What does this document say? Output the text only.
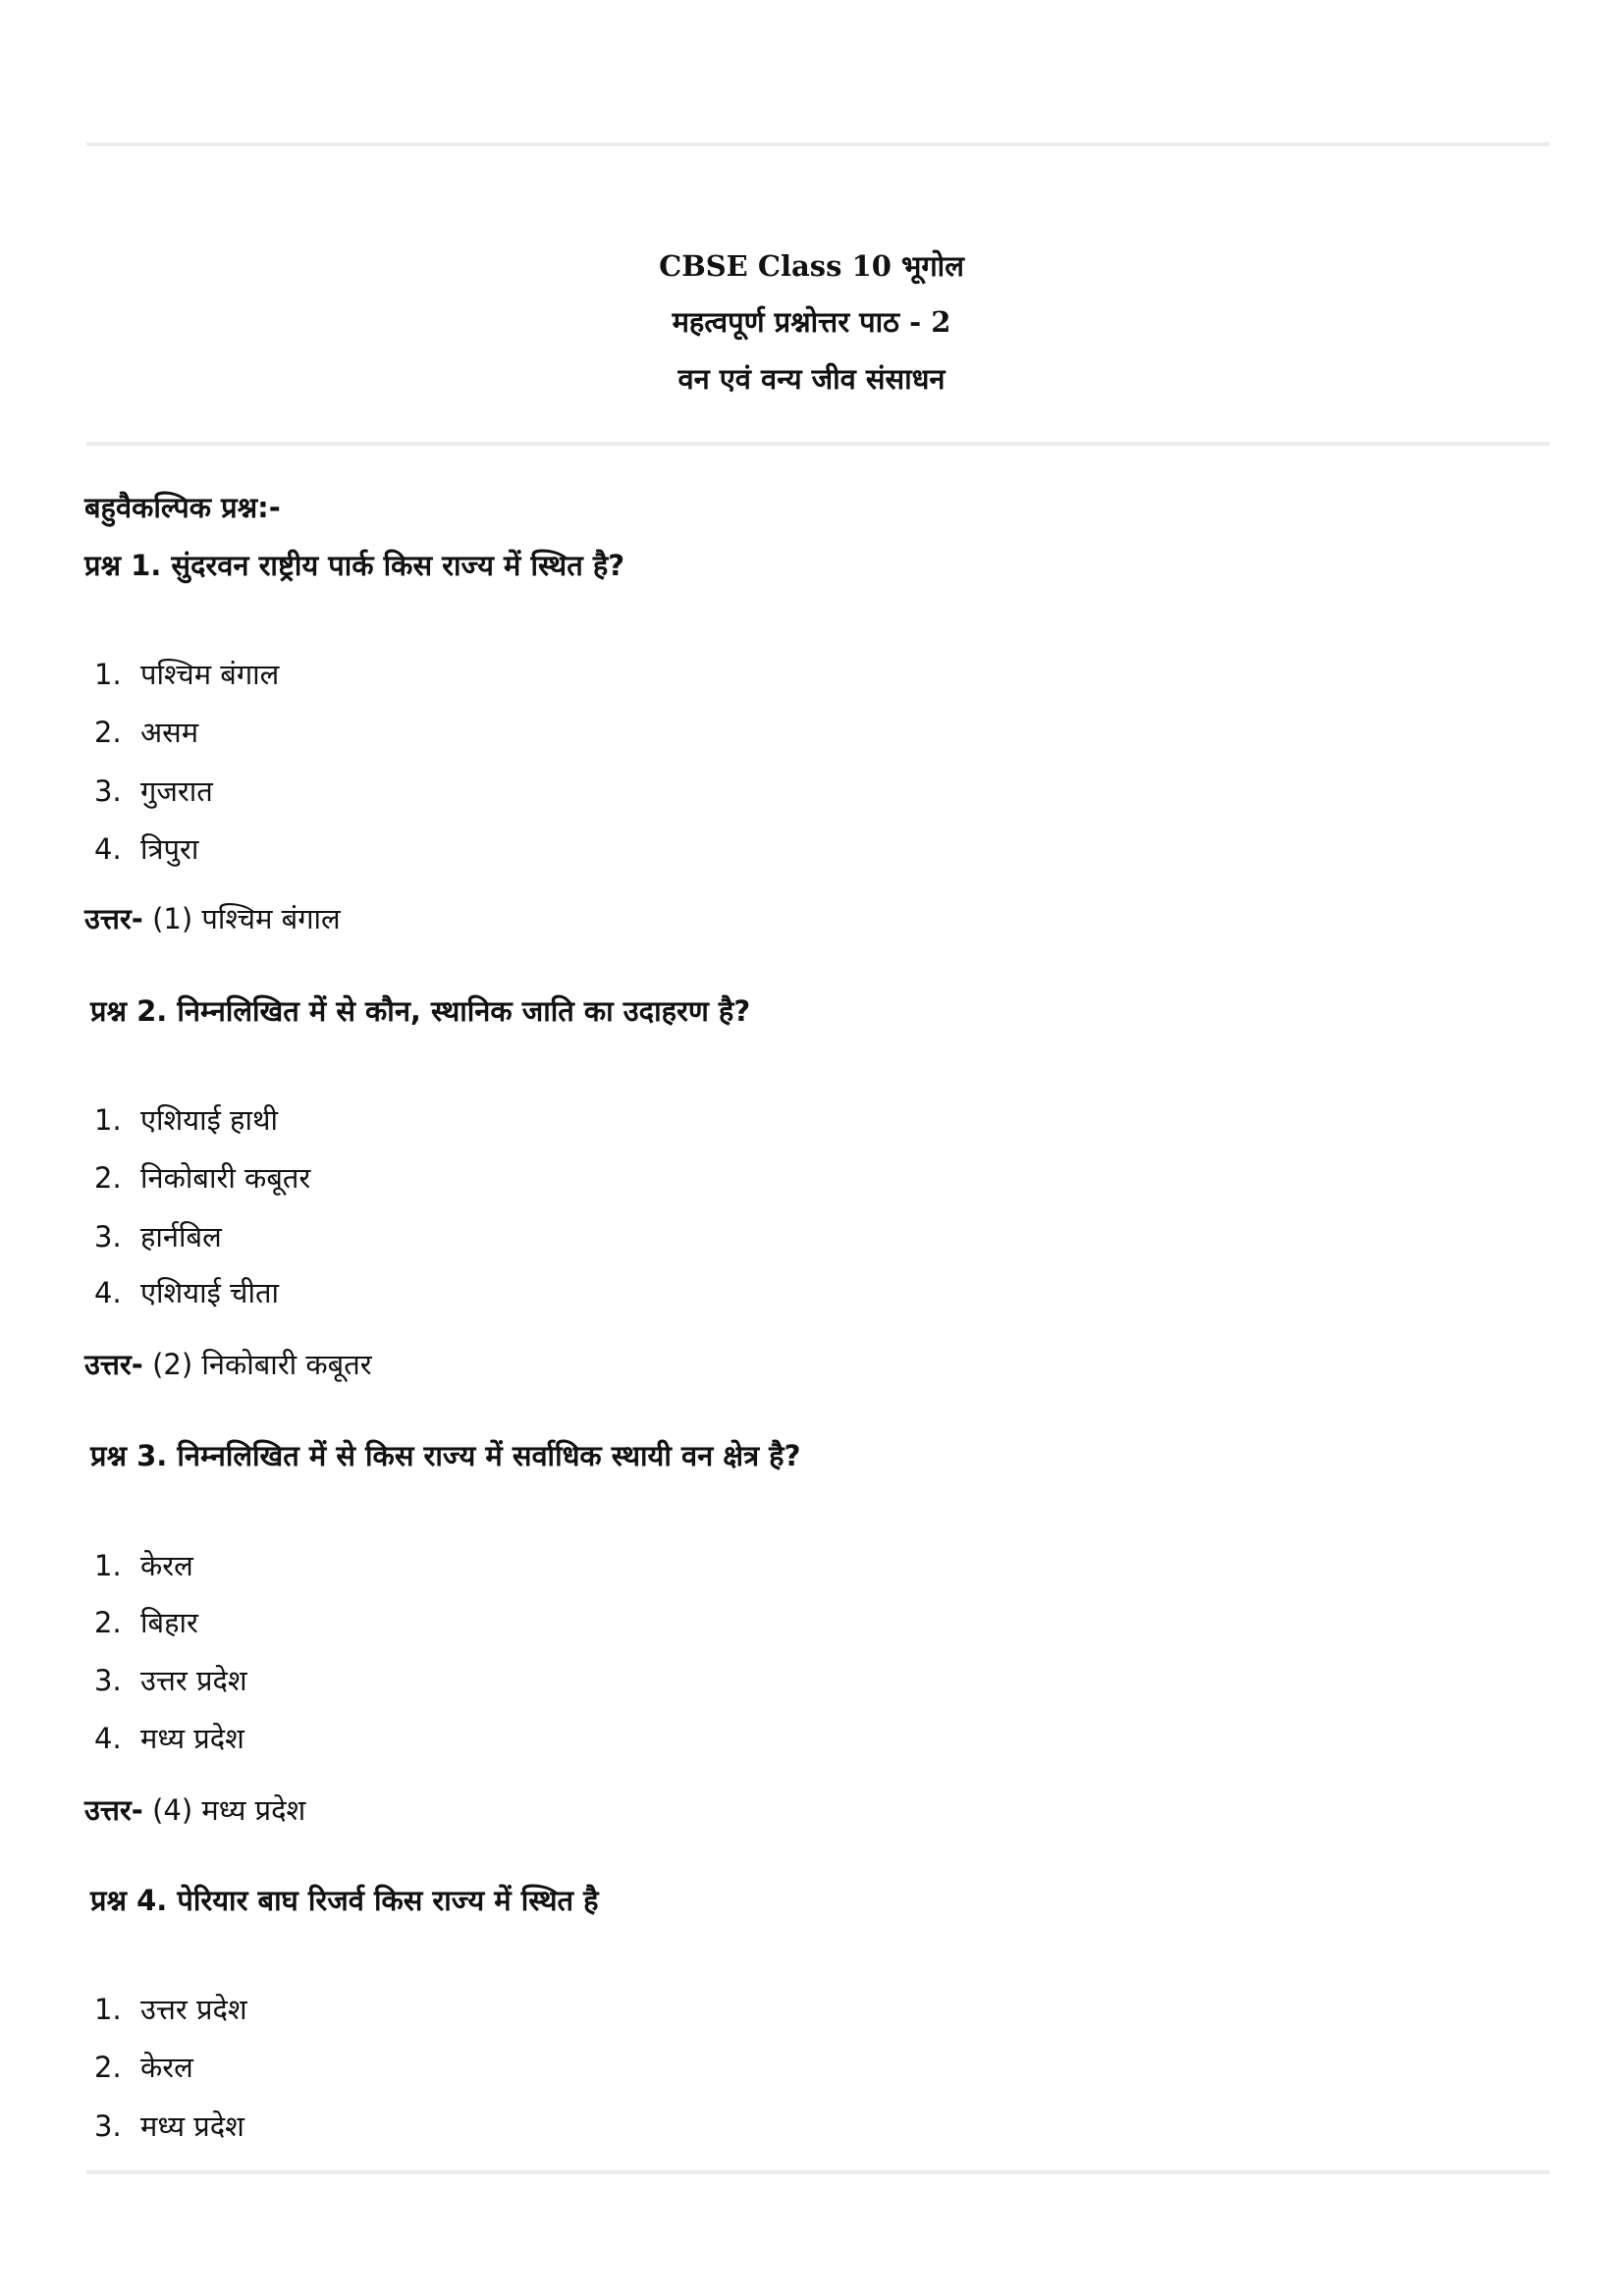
CBSE Class 10 भूगोल
महत्वपूर्ण प्रश्नोत्तर पाठ - 2
वन एवं वन्य जीव संसाधन
बहुवैकल्पिक प्रश्न:-
प्रश्न 1. सुंदरवन राष्ट्रीय पार्क किस राज्य में स्थित है?
1. पश्चिम बंगाल
2. असम
3. गुजरात
4. त्रिपुरा
उत्तर- (1) पश्चिम बंगाल
प्रश्न 2. निम्नलिखित में से कौन, स्थानिक जाति का उदाहरण है?
1. एशियाई हाथी
2. निकोबारी कबूतर
3. हार्नबिल
4. एशियाई चीता
उत्तर- (2) निकोबारी कबूतर
प्रश्न 3. निम्नलिखित में से किस राज्य में सर्वाधिक स्थायी वन क्षेत्र है?
1. केरल
2. बिहार
3. उत्तर प्रदेश
4. मध्य प्रदेश
उत्तर- (4) मध्य प्रदेश
प्रश्न 4. पेरियार बाघ रिजर्व किस राज्य में स्थित है
1. उत्तर प्रदेश
2. केरल
3. मध्य प्रदेश
